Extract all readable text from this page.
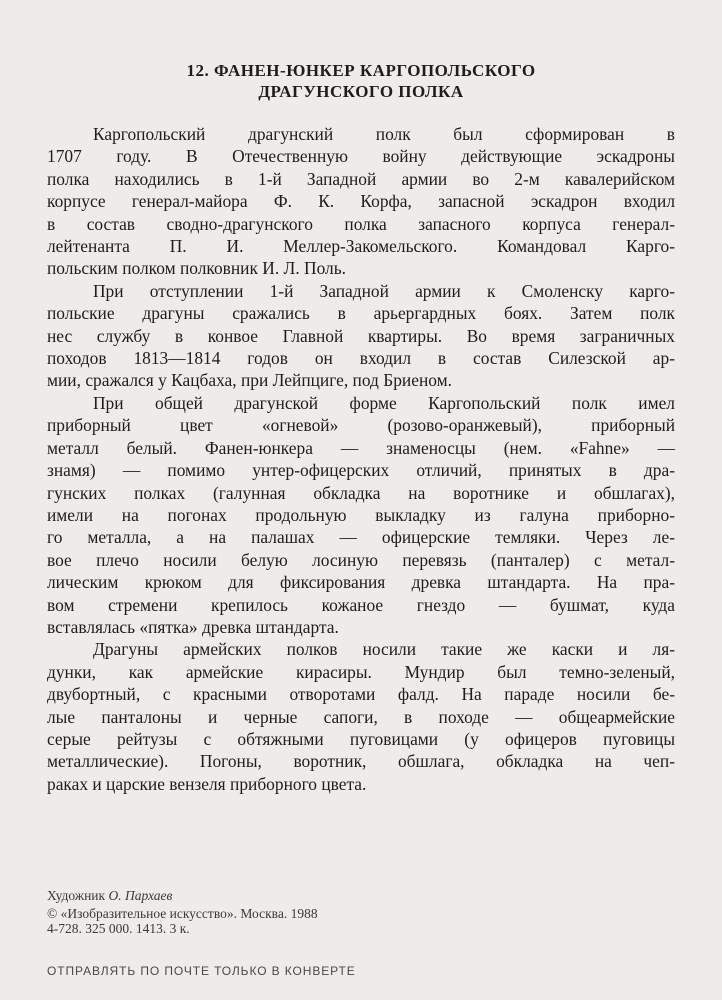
12. ФАНЕН-ЮНКЕР КАРГОПОЛЬСКОГО
ДРАГУНСКОГО ПОЛКА
Каргопольский драгунский полк был сформирован в
1707 году. В Отечественную войну действующие эскадроны
полка находились в 1-й Западной армии во 2-м кавалерийском
корпусе генерал-майора Ф. К. Корфа, запасной эскадрон входил
в состав сводно-драгунского полка запасного корпуса генерал-
лейтенанта П. И. Меллер-Закомельского. Командовал Карго-
польским полком полковник И. Л. Поль.
При отступлении 1-й Западной армии к Смоленску карго-
польские драгуны сражались в арьергардных боях. Затем полк
нес службу в конвое Главной квартиры. Во время заграничных
походов 1813—1814 годов он входил в состав Силезской ар-
мии, сражался у Кацбаха, при Лейпциге, под Бриеном.
При общей драгунской форме Каргопольский полк имел
приборный цвет «огневой» (розово-оранжевый), приборный
металл белый. Фанен-юнкера — знаменосцы (нем. «Fahne» —
знамя) — помимо унтер-офицерских отличий, принятых в дра-
гунских полках (галунная обкладка на воротнике и обшлагах),
имели на погонах продольную выкладку из галуна приборно-
го металла, а на палашах — офицерские темляки. Через ле-
вое плечо носили белую лосиную перевязь (панталер) с метал-
лическим крюком для фиксирования древка штандарта. На пра-
вом стремени крепилось кожаное гнездо — бушмат, куда
вставлялась «пятка» древка штандарта.
Драгуны армейских полков носили такие же каски и ля-
дунки, как армейские кирасиры. Мундир был темно-зеленый,
двубортный, с красными отворотами фалд. На параде носили бе-
лые панталоны и черные сапоги, в походе — общеармейские
серые рейтузы с обтяжными пуговицами (у офицеров пуговицы
металлические). Погоны, воротник, обшлага, обкладка на чеп-
раках и царские вензеля приборного цвета.
Художник О. Пархаев
© «Изобразительное искусство». Москва. 1988
4-728. 325 000. 1413. 3 к.
ОТПРАВЛЯТЬ ПО ПОЧТЕ ТОЛЬКО В КОНВЕРТЕ
